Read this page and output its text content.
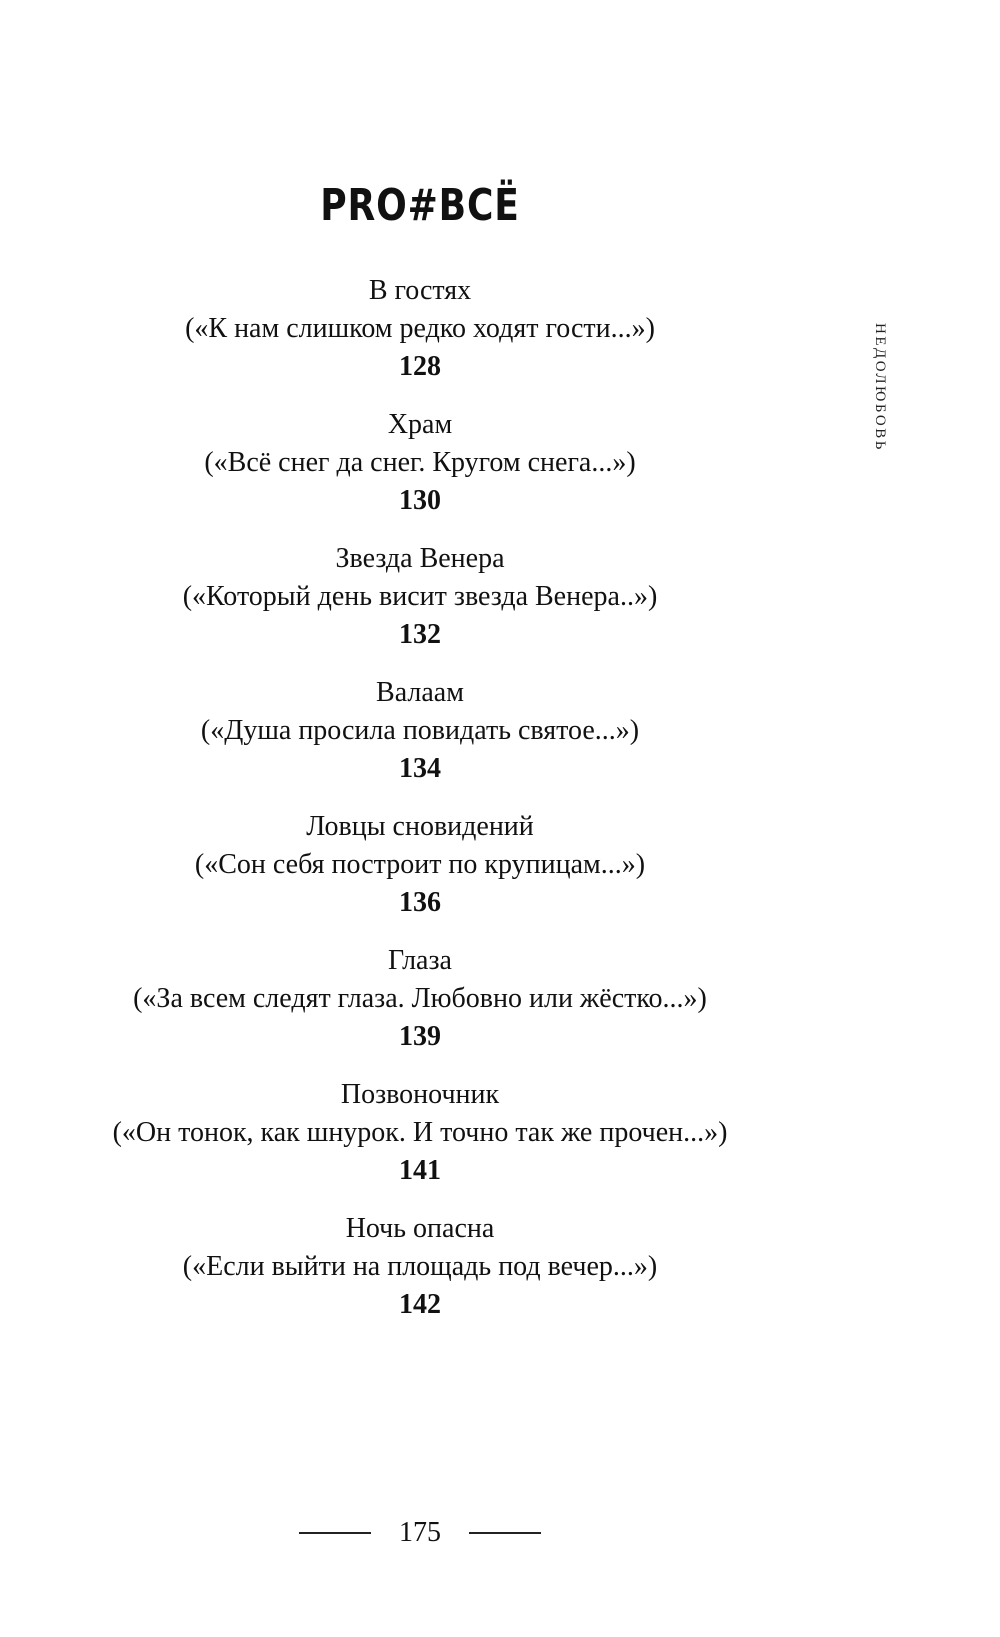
PRO#ВСЁ
НЕДОЛЮБОВЬ
В гостях
(«К нам слишком редко ходят гости...»)
128
Храм
(«Всё снег да снег. Кругом снега...»)
130
Звезда Венера
(«Который день висит звезда Венера..»)
132
Валаам
(«Душа просила повидать святое...»)
134
Ловцы сновидений
(«Сон себя построит по крупицам...»)
136
Глаза
(«За всем следят глаза. Любовно или жёстко...»)
139
Позвоночник
(«Он тонок, как шнурок. И точно так же прочен...»)
141
Ночь опасна
(«Если выйти на площадь под вечер...»)
142
175
